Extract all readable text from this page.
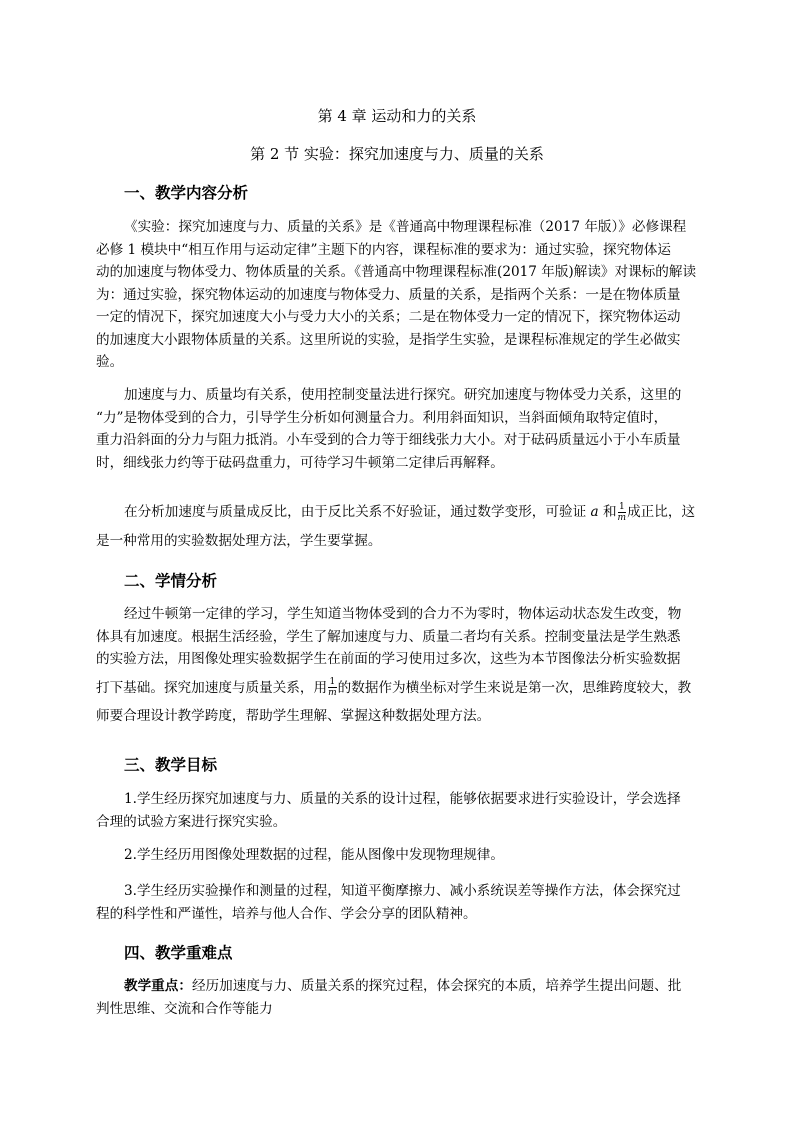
第 4 章 运动和力的关系
第 2 节 实验：探究加速度与力、质量的关系
一、教学内容分析
《实验：探究加速度与力、质量的关系》是《普通高中物理课程标准（2017 年版）》必修课程
必修 1 模块中“相互作用与运动定律”主题下的内容，课程标准的要求为：通过实验，探究物体运
动的加速度与物体受力、物体质量的关系。《普通高中物理课程标准(2017 年版)解读》对课标的解读
为：通过实验，探究物体运动的加速度与物体受力、质量的关系，是指两个关系：一是在物体质量
一定的情况下，探究加速度大小与受力大小的关系；二是在物体受力一定的情况下，探究物体运动
的加速度大小跟物体质量的关系。这里所说的实验，是指学生实验，是课程标准规定的学生必做实
验。
加速度与力、质量均有关系，使用控制变量法进行探究。研究加速度与物体受力关系，这里的
“力”是物体受到的合力，引导学生分析如何测量合力。利用斜面知识，当斜面倾角取特定值时，
重力沿斜面的分力与阻力抵消。小车受到的合力等于细线张力大小。对于砝码质量远小于小车质量
时，细线张力约等于砝码盘重力，可待学习牛顿第二定律后再解释。
在分析加速度与质量成反比，由于反比关系不好验证，通过数学变形，可验证 a 和 $\frac{1}{m}$ 成正比，这
是一种常用的实验数据处理方法，学生要掌握。
二、学情分析
经过牛顿第一定律的学习，学生知道当物体受到的合力不为零时，物体运动状态发生改变，物
体具有加速度。根据生活经验，学生了解加速度与力、质量二者均有关系。控制变量法是学生熟悉
的实验方法，用图像处理实验数据学生在前面的学习使用过多次，这些为本节图像法分析实验数据
打下基础。探究加速度与质量关系，用 $\frac{1}{m}$ 的数据作为横坐标对学生来说是第一次，思维跨度较大，教
师要合理设计教学跨度，帮助学生理解、掌握这种数据处理方法。
三、教学目标
1.学生经历探究加速度与力、质量的关系的设计过程，能够依据要求进行实验设计，学会选择
合理的试验方案进行探究实验。
2.学生经历用图像处理数据的过程，能从图像中发现物理规律。
3.学生经历实验操作和测量的过程，知道平衡摩擦力、减小系统误差等操作方法，体会探究过
程的科学性和严谨性，培养与他人合作、学会分享的团队精神。
四、教学重难点
教学重点：经历加速度与力、质量关系的探究过程，体会探究的本质，培养学生提出问题、批
判性思维、交流和合作等能力
